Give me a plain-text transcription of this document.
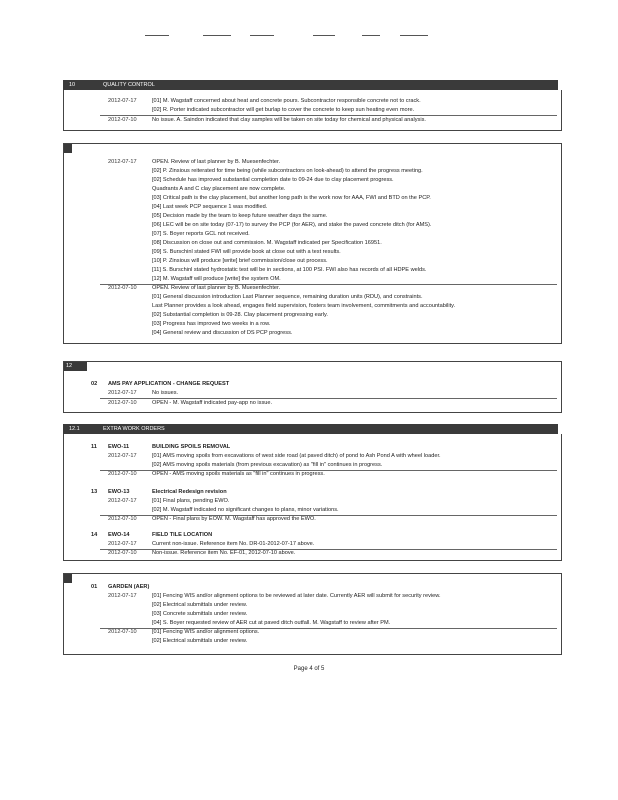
10	QUALITY CONTROL
2012-07-17	[01] M. Wagstaff concerned about heat and concrete pours. Subcontractor responsible concrete not to crack.
[02] R. Porter indicated subcontractor will get burlap to cover the concrete to keep sun heating even more.
2012-07-10	No issue. A. Saindon indicated that clay samples will be taken on site today for chemical and physical analysis.
2012-07-17	OPEN. Review of last planner by B. Muesenfechter.
[02] P. Zinsious reiterated for time being (while subcontractors on look-ahead) to attend the progress meeting.
[02] Schedule has improved substantial completion date to 09-24 due to clay placement progress.
Quadrants A and C clay placement are now complete.
[03] Critical path is the clay placement, but another long path is the work now for AAA, FWI and BTD on the PCP.
[04] Last week PCP sequence 1 was modified.
[05] Decision made by the team to keep future weather days the same.
[06] LEC will be on site today (07-17) to survey the PCP (for AER), and stake the paved concrete ditch (for AMS).
[07] S. Boyer reports GCL not received.
[08] Discussion on close out and commission. M. Wagstaff indicated per Specification 16951.
[09] S. Burschinl stated FWI will provide book at close out with a test results.
[10] P. Zinsious will produce [write] brief commission/close out process.
[11] S. Burschinl stated hydrostatic test will be in sections, at 100 PSI. FWI also has records of all HDPE welds.
[12] M. Wagstaff will produce [write] the system OM.
2012-07-10	OPEN. Review of last planner by B. Muesenfechter.
[01] General discussion introduction Last Planner sequence, remaining duration units (RDU), and constraints.
Last Planner provides a look ahead, engages field supervision, fosters team involvement, commitments and accountability.
[02] Substantial completion is 09-28. Clay placement progressing early.
[03] Progress has improved two weeks in a row.
[04] General review and discussion of DS PCP progress.
12
02 AMS PAY APPLICATION - CHANGE REQUEST
2012-07-17	No issues.
2012-07-10	OPEN - M. Wagstaff indicated pay-app no issue.
12.1	EXTRA WORK ORDERS
11 EWO-11	BUILDING SPOILS REMOVAL
2012-07-17	[01] AMS moving spoils from excavations of west side road (at paved ditch) of pond to Ash Pond A with wheel loader.
[02] AMS moving spoils materials (from previous excavation) as "fill in" continues in progress.
2012-07-10	OPEN - AMS moving spoils materials as "fill in" continues in progress.
13 EWO-13	Electrical Redesign revision
2012-07-17	[01] Final plans, pending EWO.
[02] M. Wagstaff indicated no significant changes to plans, minor variations.
2012-07-10	OPEN - Final plans by EOW. M. Wagstaff has approved the EWO.
14 EWO-14	FIELD TILE LOCATION
2012-07-17	Current non-issue. Reference item No. DR-01-2012-07-17 above.
2012-07-10	Non-issue. Reference item No. EF-01, 2012-07-10 above.
01 GARDEN (AER)
2012-07-17	[01] Fencing WIS and/or alignment options to be reviewed at later date. Currently AER will submit for security review.
[02] Electrical submittals under review.
[03] Concrete submittals under review.
[04] S. Boyer requested review of AER cut at paved ditch outfall. M. Wagstaff to review after PM.
2012-07-10	[01] Fencing WIS and/or alignment options.
[02] Electrical submittals under review.
Page 4 of 5
